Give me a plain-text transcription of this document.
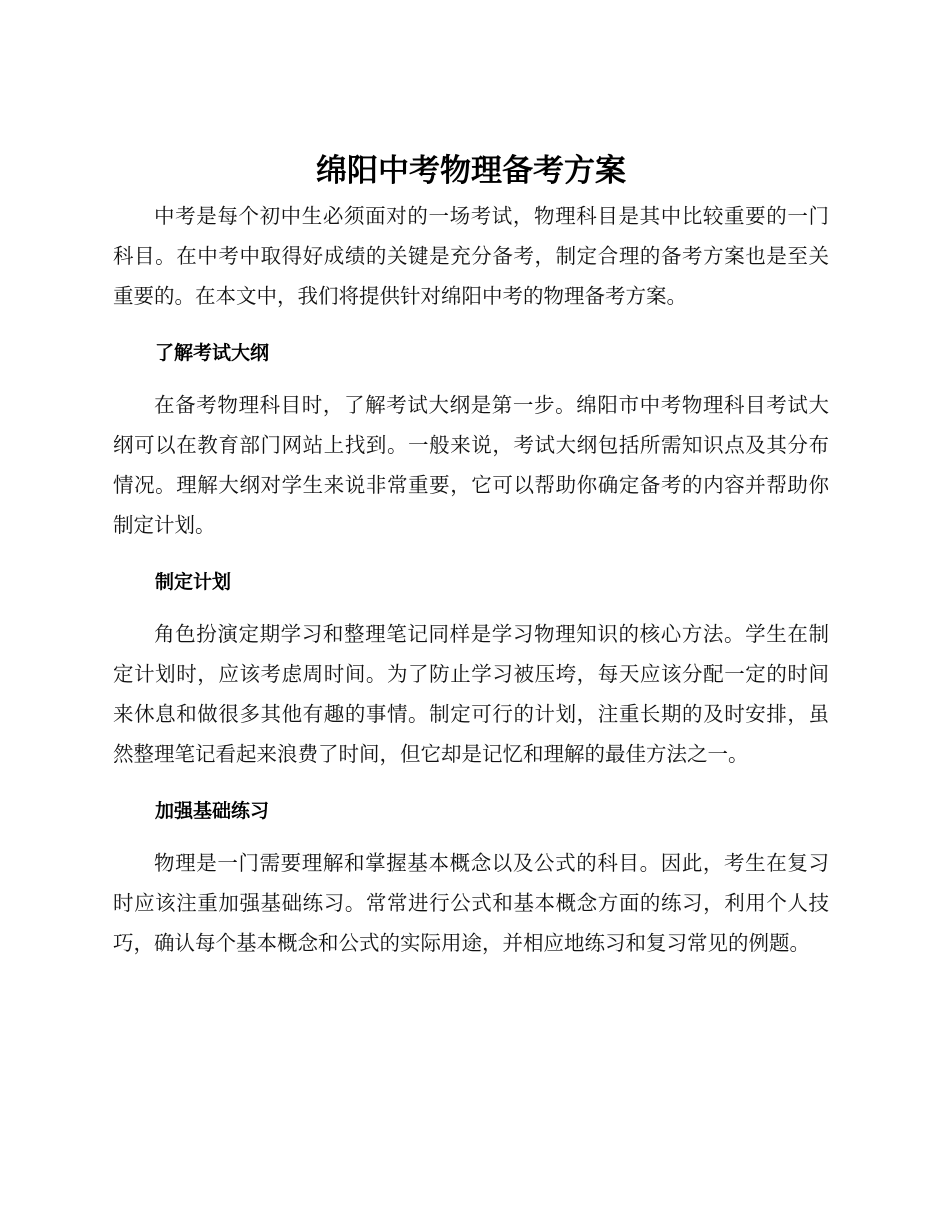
绵阳中考物理备考方案

中考是每个初中生必须面对的一场考试，物理科目是其中比较重要的一门科目。在中考中取得好成绩的关键是充分备考，制定合理的备考方案也是至关重要的。在本文中，我们将提供针对绵阳中考的物理备考方案。

了解考试大纲

在备考物理科目时，了解考试大纲是第一步。绵阳市中考物理科目考试大纲可以在教育部门网站上找到。一般来说，考试大纲包括所需知识点及其分布情况。理解大纲对学生来说非常重要，它可以帮助你确定备考的内容并帮助你制定计划。

制定计划

角色扮演定期学习和整理笔记同样是学习物理知识的核心方法。学生在制定计划时，应该考虑周时间。为了防止学习被压垮，每天应该分配一定的时间来休息和做很多其他有趣的事情。制定可行的计划，注重长期的及时安排，虽然整理笔记看起来浪费了时间，但它却是记忆和理解的最佳方法之一。

加强基础练习

物理是一门需要理解和掌握基本概念以及公式的科目。因此，考生在复习时应该注重加强基础练习。常常进行公式和基本概念方面的练习，利用个人技巧，确认每个基本概念和公式的实际用途，并相应地练习和复习常见的例题。
